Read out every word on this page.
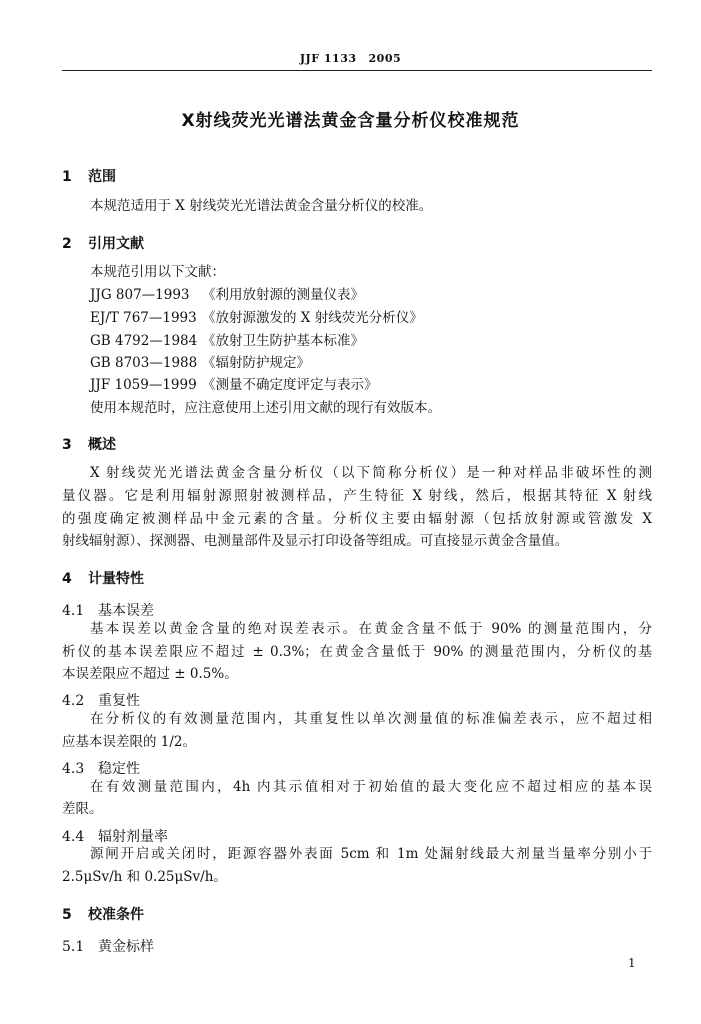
JJF 1133 2005
X射线荧光光谱法黄金含量分析仪校准规范
1 范围
本规范适用于 X 射线荧光光谱法黄金含量分析仪的校准。
2 引用文献
本规范引用以下文献：
JJG 807—1993 《利用放射源的测量仪表》
EJ/T 767—1993 《放射源激发的 X 射线荧光分析仪》
GB 4792—1984 《放射卫生防护基本标准》
GB 8703—1988 《辐射防护规定》
JJF 1059—1999 《测量不确定度评定与表示》
使用本规范时，应注意使用上述引用文献的现行有效版本。
3 概述
X 射线荧光光谱法黄金含量分析仪（以下简称分析仪）是一种对样品非破坏性的测
量仪器。它是利用辐射源照射被测样品，产生特征 X 射线，然后，根据其特征 X 射线
的强度确定被测样品中金元素的含量。分析仪主要由辐射源（包括放射源或管激发 X
射线辐射源）、探测器、电测量部件及显示打印设备等组成。可直接显示黄金含量值。
4 计量特性
4.1 基本误差
基本误差以黄金含量的绝对误差表示。在黄金含量不低于 90% 的测量范围内，分
析仪的基本误差限应不超过 ± 0.3%；在黄金含量低于 90% 的测量范围内，分析仪的基
本误差限应不超过 ± 0.5%。
4.2 重复性
在分析仪的有效测量范围内，其重复性以单次测量值的标准偏差表示，应不超过相
应基本误差限的 1/2。
4.3 稳定性
在有效测量范围内，4h 内其示值相对于初始值的最大变化应不超过相应的基本误
差限。
4.4 辐射剂量率
源闸开启或关闭时，距源容器外表面 5cm 和 1m 处漏射线最大剂量当量率分别小于
2.5μSv/h 和 0.25μSv/h。
5 校准条件
5.1 黄金标样
1
